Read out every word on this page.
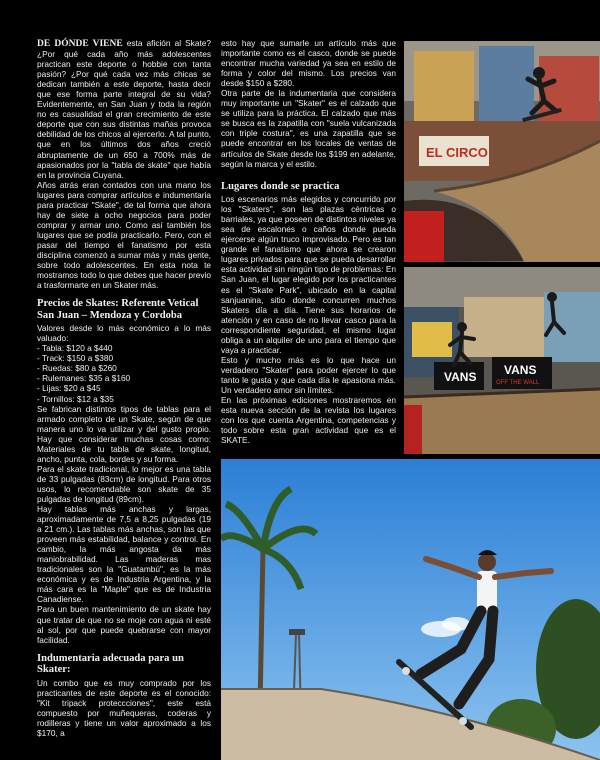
DE DÓNDE VIENE esta afición al Skate? ¿Por qué cada año más adolescentes practican este deporte o hobbie con tanta pasión? ¿Por qué cada vez más chicas se dedican también a este deporte, hasta decir que ese forma parte integral de su vida? Evidentemente, en San Juan y toda la región no es casualidad el gran crecimiento de este deporte que con sus distintas mañas provoca debilidad de los chicos al ejercerlo. A tal punto, que en los últimos dos años creció abruptamente de un 650 a 700% más de apasionados por la "tabla de skate" que había en la provincia Cuyana.

Años atrás eran contados con una mano los lugares para comprar artículos e indumentaria para practicar "Skate", de tal forma que ahora hay de siete a ocho negocios para poder comprar y armar uno. Como así también los lugares que se podía practicarlo. Pero, con el pasar del tiempo el fanatismo por esta disciplina comenzó a sumar más y más gente, sobre todo adolescentes. En esta nota te mostramos todo lo que debes que hacer previo a trasformarte en un Skater más.

Precios de Skates: Referente Vetical San Juan – Mendoza y Cordoba

Valores desde lo más económico a lo más valuado:

- Tabla: $120 a $440
- Track: $150 a $380
- Ruedas: $80 a $260
- Rulemanes: $35 a $160
- Lijas: $20 a $45
- Tornillos: $12 a $35

Se fabrican distintos tipos de tablas para el armado completo de un Skate, según de que manera uno lo va utilizar y del gusto propio. Hay que considerar muchas cosas como: Materiales de tu tabla de skate, longitud, ancho, punta, cola, bordes y su forma.

Para el skate tradicional, lo mejor es una tabla de 33 pulgadas (83cm) de longitud. Para otros usos, lo recomendable son skate de 35 pulgadas de longitud (89cm).

Hay tablas más anchas y largas, aproximadamente de 7,5 a 8,25 pulgadas (19 a 21 cm.). Las tablas más anchas, son las que proveen más estabilidad, balance y control. En cambio, la más angosta da más maniobrabilidad. Las maderas mas tradicionales son la "Guatambú", es la más económica y es de Industria Argentina, y la más cara es la "Maple" que es de Industria Canadiense.

Para un buen mantenimiento de un skate hay que tratar de que no se moje con agua ni esté al sol, por que puede quebrarse con mayor facilidad.

Indumentaria adecuada para un Skater:

Un combo que es muy comprado por los practicantes de este deporte es el conocido: "Kit tripack proteccciones", este está compuesto por muñequeras, coderas y rodilleras y tiene un valor aproximado a los $170, a

esto hay que sumarle un artículo más que importante como es el casco, donde se puede encontrar mucha variedad ya sea en estilo de forma y color del mismo. Los precios van desde $150 a $280.

Otra parte de la indumentaria que considera muy importante un "Skater" es el calzado que se utiliza para la práctica. El calzado que más se busca es la zapatilla con "suela vulcanizada con triple costura", es una zapatilla que se puede encontrar en los locales de ventas de artículos de Skate desde los $199 en adelante, según la marca y el estilo.

Lugares donde se practica

Los escenarios más elegidos y concurrido por los "Skaters", son las plazas céntricas o barriales, ya que poseen de distintos niveles ya sea de escalones o caños donde pueda ejercerse algún truco improvisado. Pero es tan grande el fanatismo que ahora se crearon lugares privados para que se pueda desarrollar esta actividad sin ningún tipo de problemas: En San Juan, el lugar elegido por los practicantes es el "Skate Park", ubicado en la capital sanjuanina, sitio donde concurren muchos Skaters día a día. Tiene sus horarios de atención y en caso de no llevar casco para la correspondiente seguridad, el mismo lugar obliga a un alquiler de uno para el tiempo que vaya a practicar.

Esto y mucho más es lo que hace un verdadero "Skater" para poder ejercer lo que tanto le gusta y que cada día le apasiona más. Un verdadero amor sin límites.

En las próximas ediciones mostraremos en esta nueva sección de la revista los lugares con los que cuenta Argentina, competencias y todo sobre esta gran actividad que es el SKATE.

EL CIRCO
VANS VANS
OFF THE WALL
